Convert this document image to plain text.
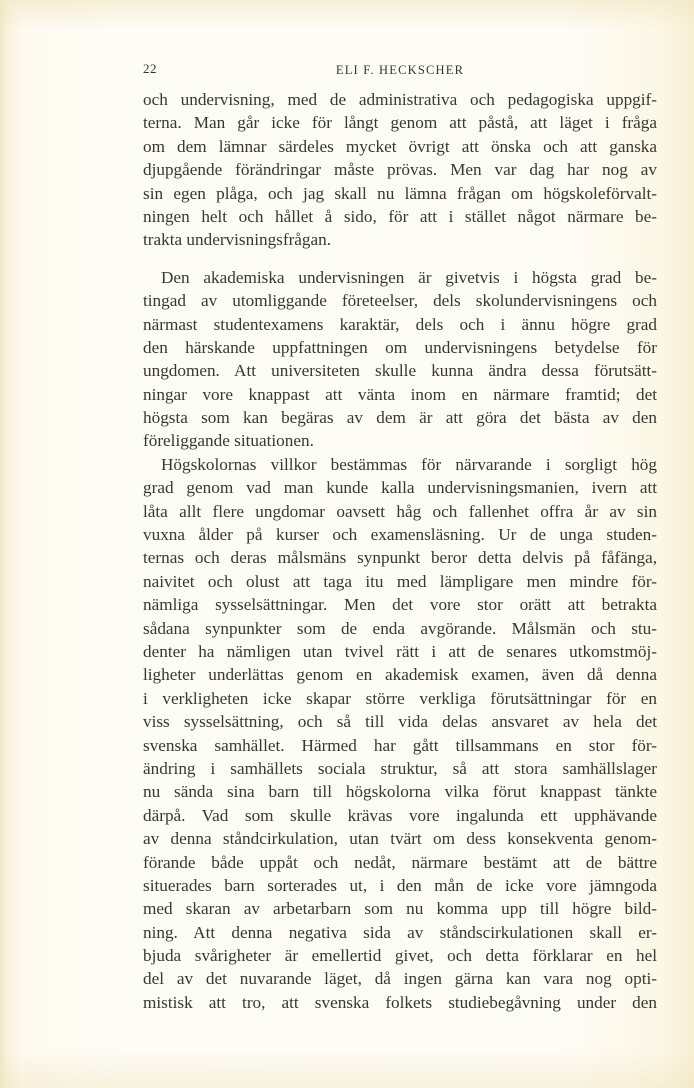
22	ELI F. HECKSCHER
och undervisning, med de administrativa och pedagogiska uppgif-
terna. Man går icke för långt genom att påstå, att läget i fråga
om dem lämnar särdeles mycket övrigt att önska och att ganska
djupgående förändringar måste prövas. Men var dag har nog av
sin egen plåga, och jag skall nu lämna frågan om högskoleförvalt-
ningen helt och hållet å sido, för att i stället något närmare be-
trakta undervisningsfrågan.
Den akademiska undervisningen är givetvis i högsta grad be-
tingad av utomliggande företeelser, dels skolundervisningens och
närmast studentexamens karaktär, dels och i ännu högre grad
den härskande uppfattningen om undervisningens betydelse för
ungdomen. Att universiteten skulle kunna ändra dessa förutsätt-
ningar vore knappast att vänta inom en närmare framtid; det
högsta som kan begäras av dem är att göra det bästa av den
föreliggande situationen.
Högskolornas villkor bestämmas för närvarande i sorgligt hög
grad genom vad man kunde kalla undervisningsmanien, ivern att
låta allt flere ungdomar oavsett håg och fallenhet offra år av sin
vuxna ålder på kurser och examensläsning. Ur de unga studen-
ternas och deras målsmäns synpunkt beror detta delvis på fåfänga,
naivitet och olust att taga itu med lämpligare men mindre för-
nämliga sysselsättningar. Men det vore stor orätt att betrakta
sådana synpunkter som de enda avgörande. Målsmän och stu-
denter ha nämligen utan tvivel rätt i att de senares utkomstmöj-
ligheter underlättas genom en akademisk examen, även då denna
i verkligheten icke skapar större verkliga förutsättningar för en
viss sysselsättning, och så till vida delas ansvaret av hela det
svenska samhället. Härmed har gått tillsammans en stor för-
ändring i samhällets sociala struktur, så att stora samhällslager
nu sända sina barn till högskolorna vilka förut knappast tänkte
därpå. Vad som skulle krävas vore ingalunda ett upphävande
av denna ståndcirkulation, utan tvärt om dess konsekventa genom-
förande både uppåt och nedåt, närmare bestämt att de bättre
situerades barn sorterades ut, i den mån de icke vore jämngoda
med skaran av arbetarbarn som nu komma upp till högre bild-
ning. Att denna negativa sida av ståndscirkulationen skall er-
bjuda svårigheter är emellertid givet, och detta förklarar en hel
del av det nuvarande läget, då ingen gärna kan vara nog opti-
mistisk att tro, att svenska folkets studiebegåvning under den
